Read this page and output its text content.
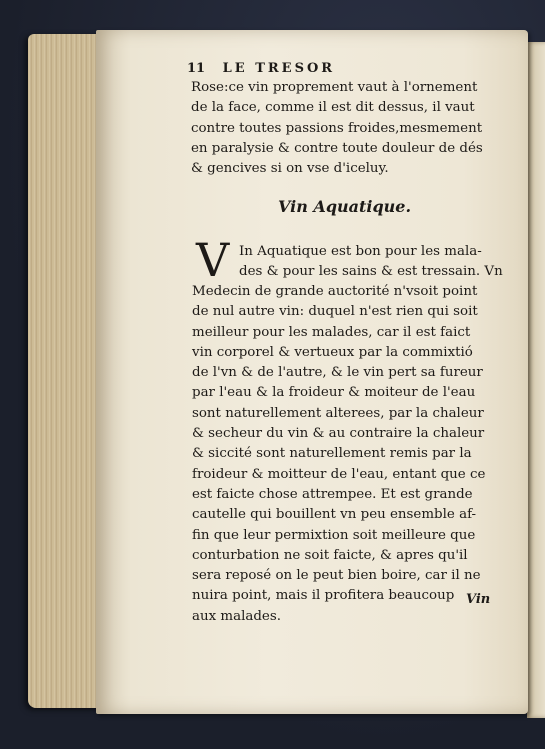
11 LE TRESOR
Rose:ce vin proprement vaut à l'ornement
de la face, comme il est dit dessus, il vaut
contre toutes passions froides,mesmement
en paralysie & contre toute douleur de dés
& gencives si on vse d'iceluy.
Vin Aquatique.
V In Aquatique est bon pour les mala-
des & pour les sains & est tressain. Vn
Medecin de grande auctorité n'vsoit point
de nul autre vin: duquel n'est rien qui soit
meilleur pour les malades, car il est faict
vin corporel & vertueux par la commixtió
de l'vn & de l'autre, & le vin pert sa fureur
par l'eau & la froideur & moiteur de l'eau
sont naturellement alterees, par la chaleur
& secheur du vin & au contraire la chaleur
& siccité sont naturellement remis par la
froideur & moitteur de l'eau, entant que ce
est faicte chose attrempee. Et est grande
cautelle qui bouillent vn peu ensemble af-
fin que leur permixtion soit meilleure que
conturbation ne soit faicte, & apres qu'il
sera reposé on le peut bien boire, car il ne
nuira point, mais il profitera beaucoup
aux malades.
Vin
